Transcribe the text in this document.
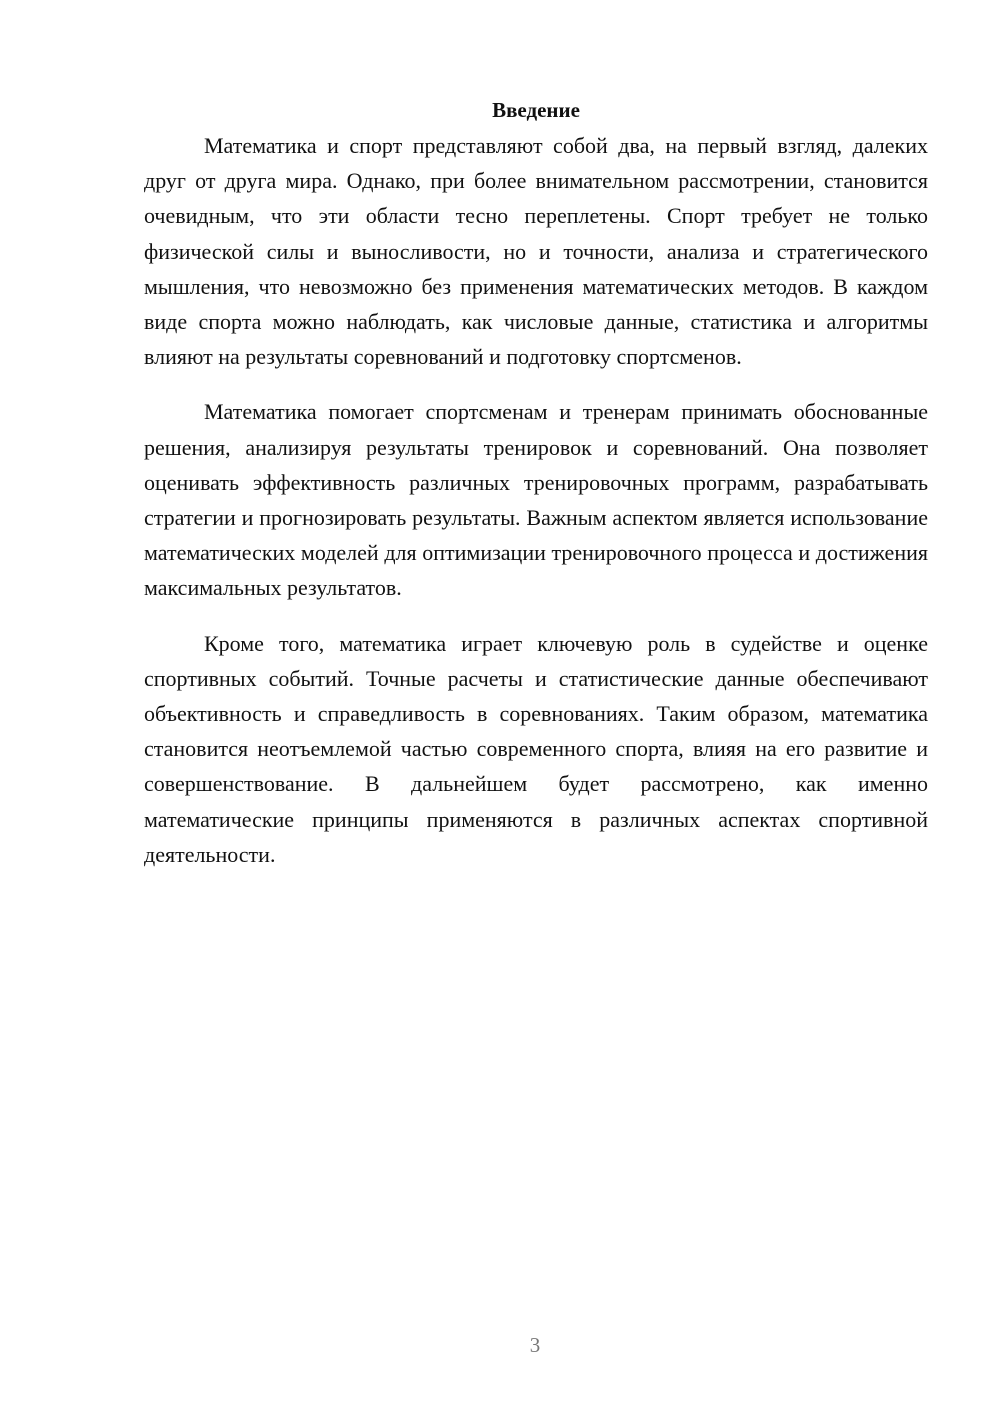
Введение

Математика и спорт представляют собой два, на первый взгляд, далеких друг от друга мира. Однако, при более внимательном рассмотрении, становится очевидным, что эти области тесно переплетены. Спорт требует не только физической силы и выносливости, но и точности, анализа и стратегического мышления, что невозможно без применения математических методов. В каждом виде спорта можно наблюдать, как числовые данные, статистика и алгоритмы влияют на результаты соревнований и подготовку спортсменов.

Математика помогает спортсменам и тренерам принимать обоснованные решения, анализируя результаты тренировок и соревнований. Она позволяет оценивать эффективность различных тренировочных программ, разрабатывать стратегии и прогнозировать результаты. Важным аспектом является использование математических моделей для оптимизации тренировочного процесса и достижения максимальных результатов.

Кроме того, математика играет ключевую роль в судействе и оценке спортивных событий. Точные расчеты и статистические данные обеспечивают объективность и справедливость в соревнованиях. Таким образом, математика становится неотъемлемой частью современного спорта, влияя на его развитие и совершенствование. В дальнейшем будет рассмотрено, как именно математические принципы применяются в различных аспектах спортивной деятельности.

3
